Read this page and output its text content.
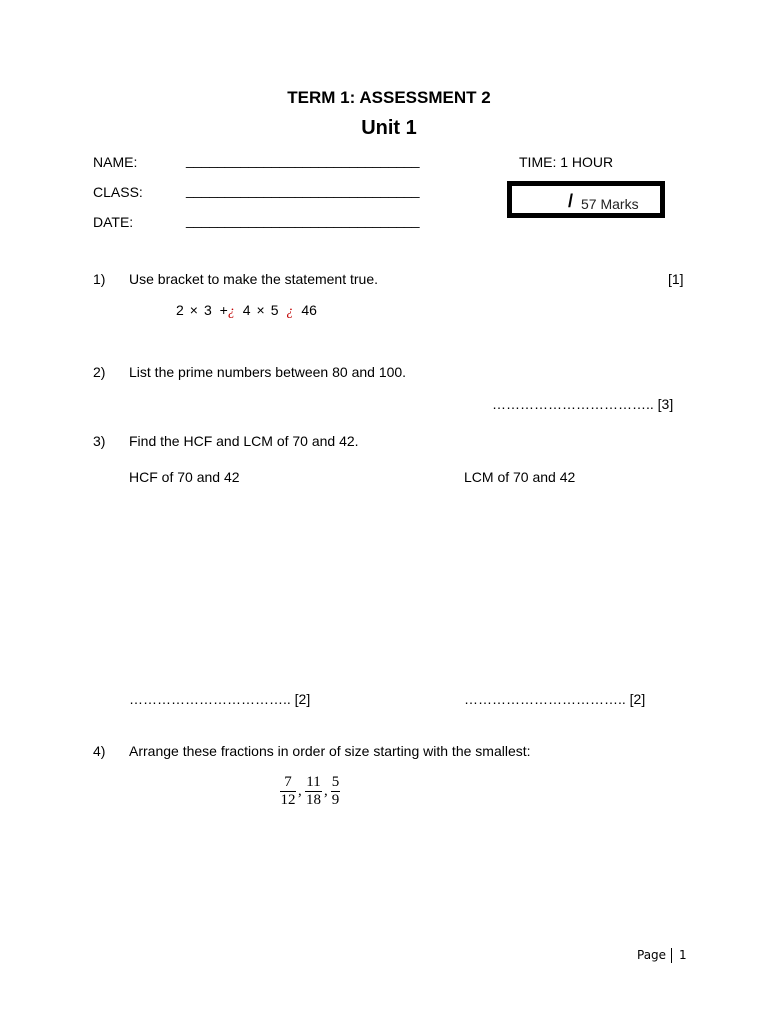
TERM 1: ASSESSMENT 2
Unit 1
NAME:	______________________________	TIME: 1 HOUR
CLASS:	______________________________
/ 57 Marks
DATE:	______________________________
1) Use bracket to make the statement true.	[1]
2 × 3 +¿ 4 × 5 ¿ 46
2) List the prime numbers between 80 and 100.
…………………………….. [3]
3) Find the HCF and LCM of 70 and 42.
HCF of 70 and 42	LCM of 70 and 42
…………………………….. [2]	…………………………….. [2]
4) Arrange these fractions in order of size starting with the smallest:
7
12
,
11
18
,
5
9
Page 1
